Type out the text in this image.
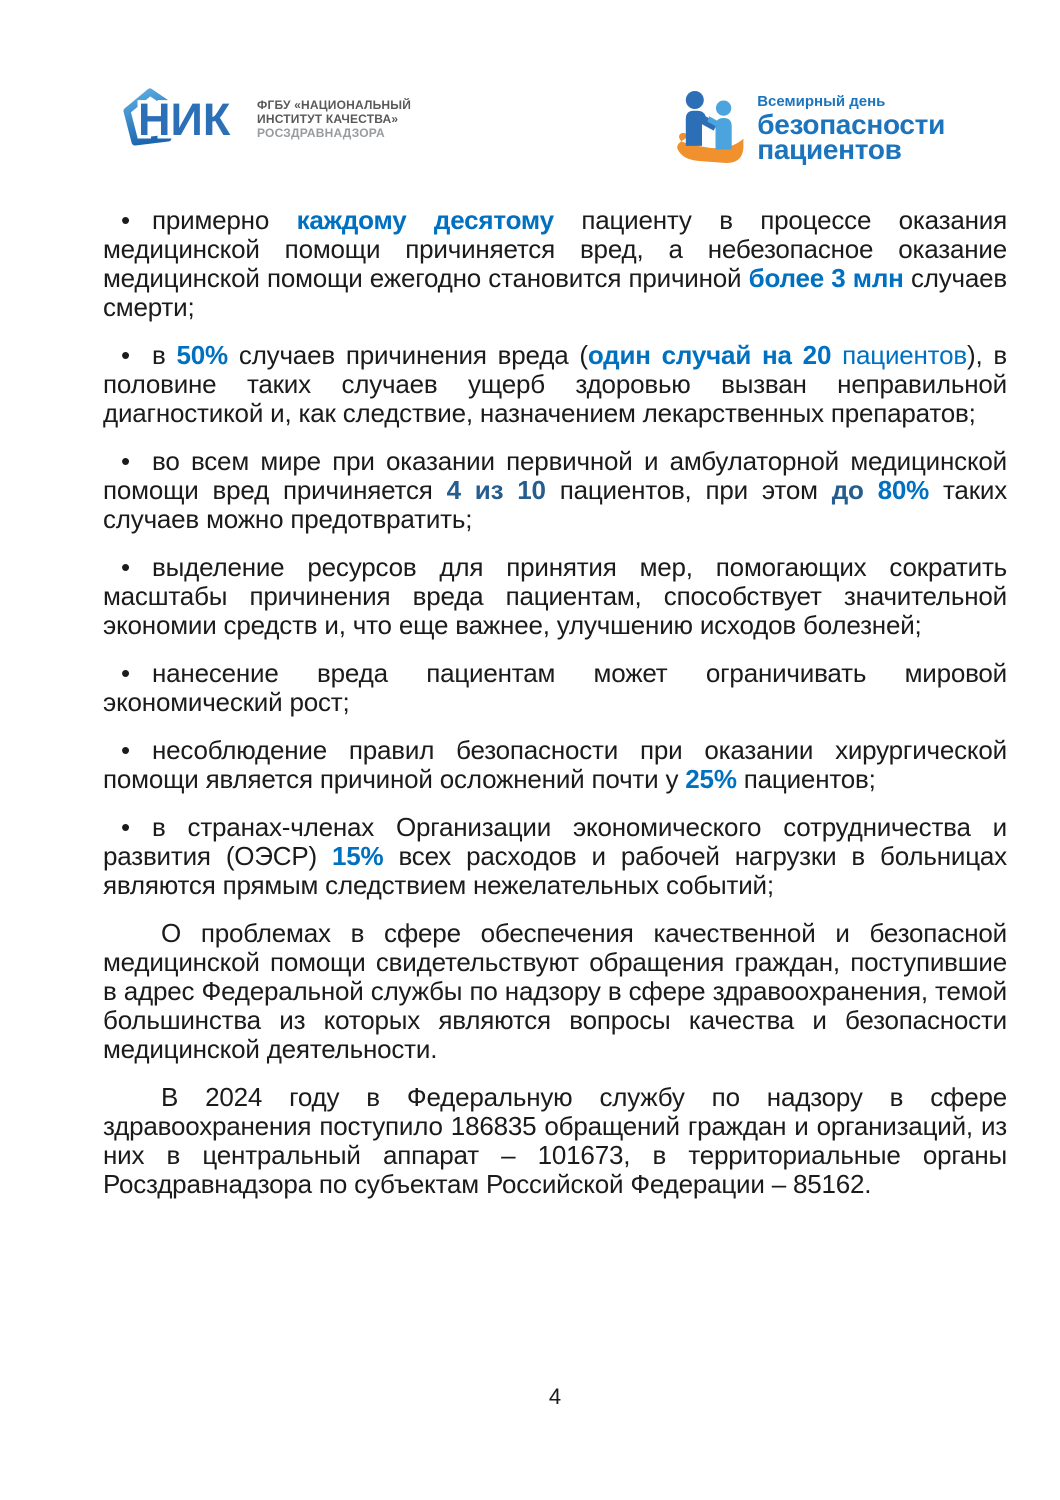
НИК ФГБУ «НАЦИОНАЛЬНЫЙ
ИНСТИТУТ КАЧЕСТВА»
РОСЗДРАВНАДЗОРА
Всемирный день
безопасности
пациентов

• примерно каждому десятому пациенту в процессе оказания медицинской помощи причиняется вред, а небезопасное оказание медицинской помощи ежегодно становится причиной более 3 млн случаев смерти;

• в 50% случаев причинения вреда (один случай на 20 пациентов), в половине таких случаев ущерб здоровью вызван неправильной диагностикой и, как следствие, назначением лекарственных препаратов;

• во всем мире при оказании первичной и амбулаторной медицинской помощи вред причиняется 4 из 10 пациентов, при этом до 80% таких случаев можно предотвратить;

• выделение ресурсов для принятия мер, помогающих сократить масштабы причинения вреда пациентам, способствует значительной экономии средств и, что еще важнее, улучшению исходов болезней;

• нанесение вреда пациентам может ограничивать мировой экономический рост;

• несоблюдение правил безопасности при оказании хирургической помощи является причиной осложнений почти у 25% пациентов;

• в странах-членах Организации экономического сотрудничества и развития (ОЭСР) 15% всех расходов и рабочей нагрузки в больницах являются прямым следствием нежелательных событий;

О проблемах в сфере обеспечения качественной и безопасной медицинской помощи свидетельствуют обращения граждан, поступившие в адрес Федеральной службы по надзору в сфере здравоохранения, темой большинства из которых являются вопросы качества и безопасности медицинской деятельности.

В 2024 году в Федеральную службу по надзору в сфере здравоохранения поступило 186835 обращений граждан и организаций, из них в центральный аппарат – 101673, в территориальные органы Росздравнадзора по субъектам Российской Федерации – 85162.

4
